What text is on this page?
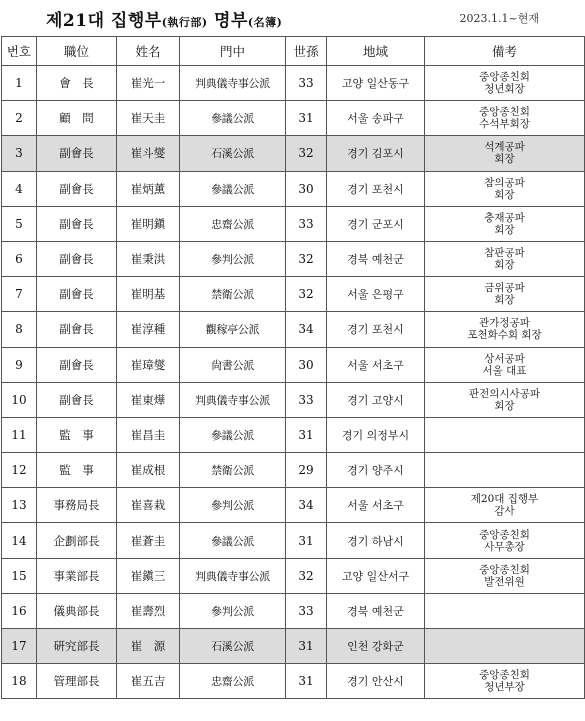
제21대 집행부(執行部) 명부(名簿)	2023.1.1~현재
번호	職位	姓名	門中	世孫	地域	備考
1	會　長	崔光一	判典儀寺事公派	33	고양 일산동구	중앙종친회
청년회장

2	顧　問	崔天圭	參議公派	31	서울 송파구	중앙종친회
수석부회장

3	副會長	崔斗燮	石溪公派	32	경기 김포시	석계공파
회장

4	副會長	崔炳薰	參議公派	30	경기 포천시	참의공파
회장

5	副會長	崔明鎭	忠齋公派	33	경기 군포시	충재공파
회장

6	副會長	崔秉洪	參判公派	32	경북 예천군	참판공파
회장

7	副會長	崔明基	禁衛公派	32	서울 은평구	금위공파
회장

8	副會長	崔淳種	觀稼亭公派	34	경기 포천시	관가정공파
포천화수회 회장

9	副會長	崔璋燮	尙書公派	30	서울 서초구	상서공파
서울 대표

10	副會長	崔東燁	判典儀寺事公派	33	경기 고양시	판전의시사공파
회장

11	監　事	崔昌圭	參議公派	31	경기 의정부시	

12	監　事	崔成根	禁衛公派	29	경기 양주시	

13	事務局長	崔喜栽	參判公派	34	서울 서초구	제20대 집행부
감사

14	企劃部長	崔蒼圭	參議公派	31	경기 하남시	중앙종친회
사무총장

15	事業部長	崔鎭三	判典儀寺事公派	32	고양 일산서구	중앙종친회
발전위원

16	儀典部長	崔壽烈	參判公派	33	경북 예천군	

17	硏究部長	崔　源	石溪公派	31	인천 강화군	

18	管理部長	崔五吉	忠齋公派	31	경기 안산시	중앙종친회
청년부장
